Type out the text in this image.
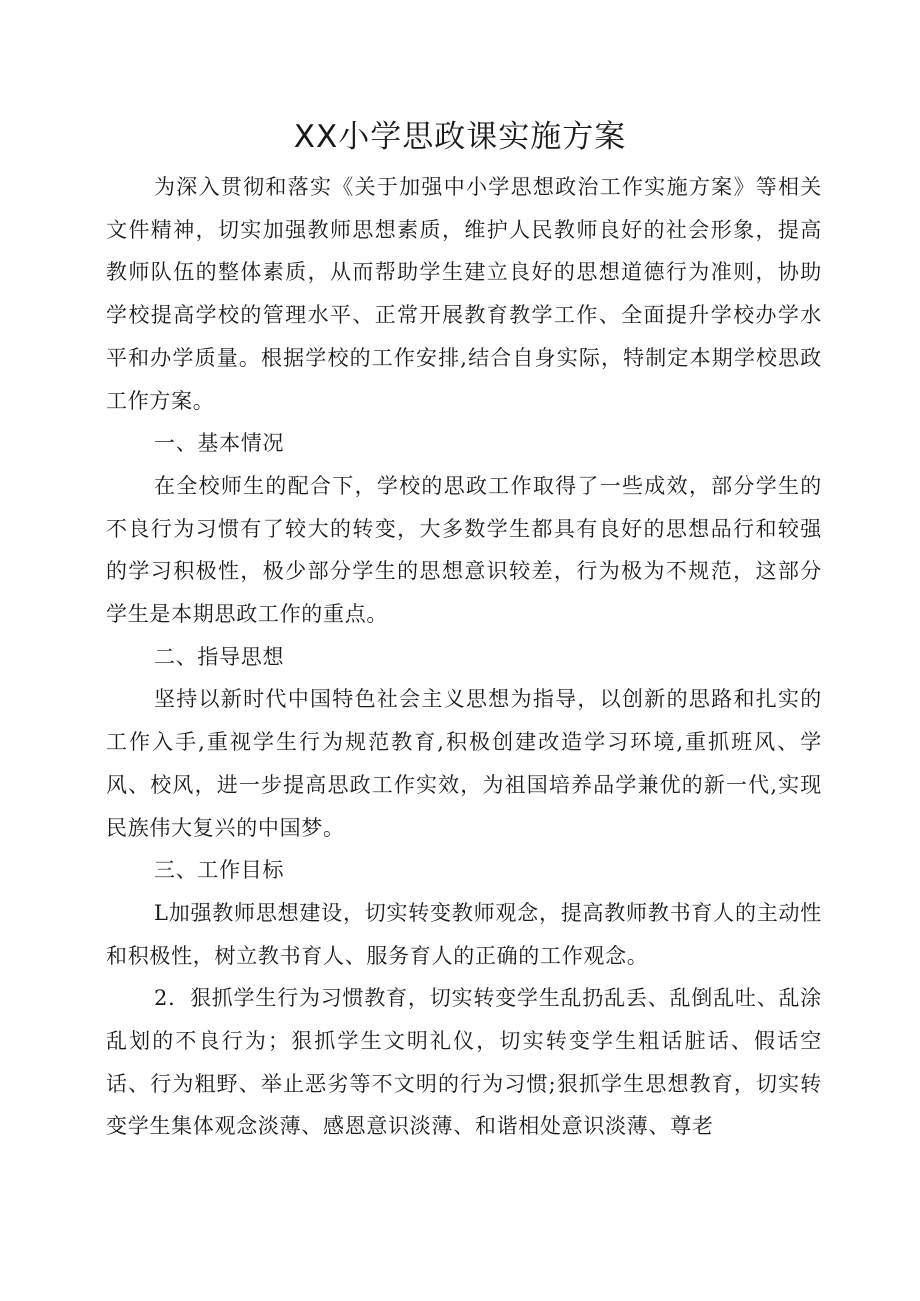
XX小学思政课实施方案

为深入贯彻和落实《关于加强中小学思想政治工作实施方案》等相关文件精神，切实加强教师思想素质，维护人民教师良好的社会形象，提高教师队伍的整体素质，从而帮助学生建立良好的思想道德行为准则，协助学校提高学校的管理水平、正常开展教育教学工作、全面提升学校办学水平和办学质量。根据学校的工作安排,结合自身实际，特制定本期学校思政工作方案。

一、基本情况

在全校师生的配合下，学校的思政工作取得了一些成效，部分学生的不良行为习惯有了较大的转变，大多数学生都具有良好的思想品行和较强的学习积极性，极少部分学生的思想意识较差，行为极为不规范，这部分学生是本期思政工作的重点。

二、指导思想

坚持以新时代中国特色社会主义思想为指导，以创新的思路和扎实的工作入手,重视学生行为规范教育,积极创建改造学习环境,重抓班风、学风、校风，进一步提高思政工作实效，为祖国培养品学兼优的新一代,实现民族伟大复兴的中国梦。

三、工作目标

L加强教师思想建设，切实转变教师观念，提高教师教书育人的主动性和积极性，树立教书育人、服务育人的正确的工作观念。

2．狠抓学生行为习惯教育，切实转变学生乱扔乱丢、乱倒乱吐、乱涂乱划的不良行为；狠抓学生文明礼仪，切实转变学生粗话脏话、假话空话、行为粗野、举止恶劣等不文明的行为习惯;狠抓学生思想教育，切实转变学生集体观念淡薄、感恩意识淡薄、和谐相处意识淡薄、尊老
